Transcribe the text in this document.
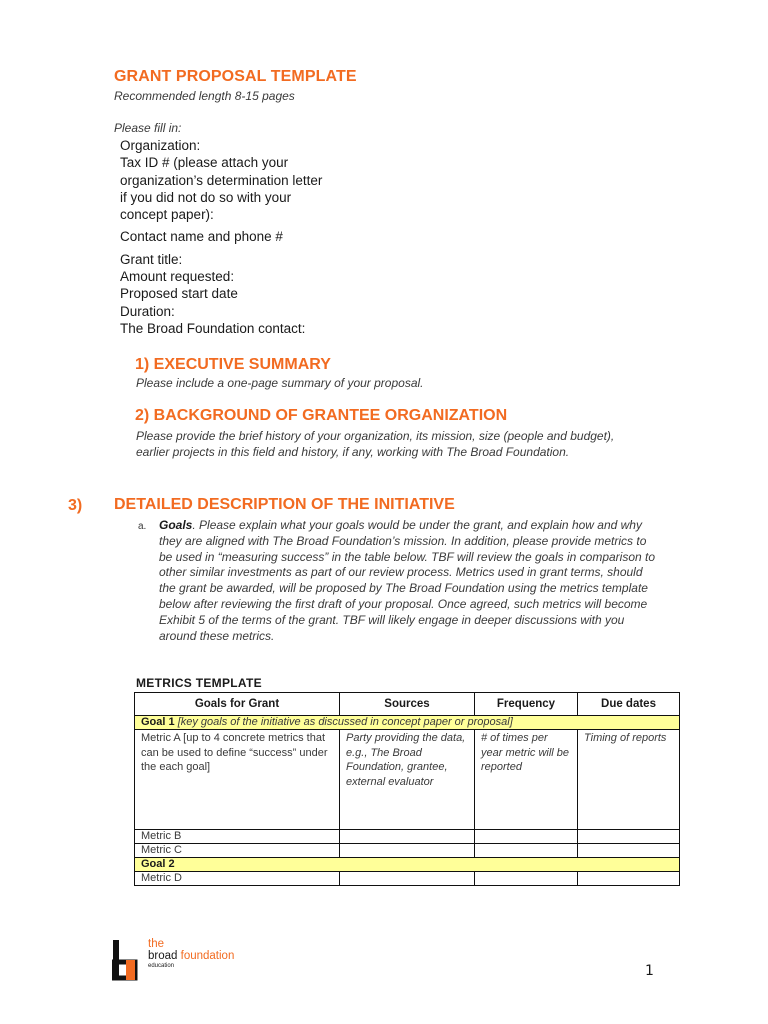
GRANT PROPOSAL TEMPLATE
Recommended length 8-15 pages
Please fill in:
Organization:
Tax ID # (please attach your
organization’s determination letter
if you did not do so with your
concept paper):
Contact name and phone #
Grant title:
Amount requested:
Proposed start date
Duration:
The Broad Foundation contact:
1) EXECUTIVE SUMMARY
Please include a one-page summary of your proposal.
2) BACKGROUND OF GRANTEE ORGANIZATION
Please provide the brief history of your organization, its mission, size (people and budget), earlier projects in this field and history, if any, working with The Broad Foundation.
3) DETAILED DESCRIPTION OF THE INITIATIVE
a. Goals. Please explain what your goals would be under the grant, and explain how and why they are aligned with The Broad Foundation’s mission. In addition, please provide metrics to be used in “measuring success” in the table below. TBF will review the goals in comparison to other similar investments as part of our review process. Metrics used in grant terms, should the grant be awarded, will be proposed by The Broad Foundation using the metrics template below after reviewing the first draft of your proposal. Once agreed, such metrics will become Exhibit 5 of the terms of the grant. TBF will likely engage in deeper discussions with you around these metrics.
METRICS TEMPLATE
Goals for Grant	Sources	Frequency	Due dates
Goal 1 [key goals of the initiative as discussed in concept paper or proposal]			
Metric A [up to 4 concrete metrics that can be used to define “success” under the each goal]	Party providing the data, e.g., The Broad Foundation, grantee, external evaluator	# of times per year metric will be reported	Timing of reports
Metric B			
Metric C			
Goal 2			
Metric D			
the
broad foundation
education	1
